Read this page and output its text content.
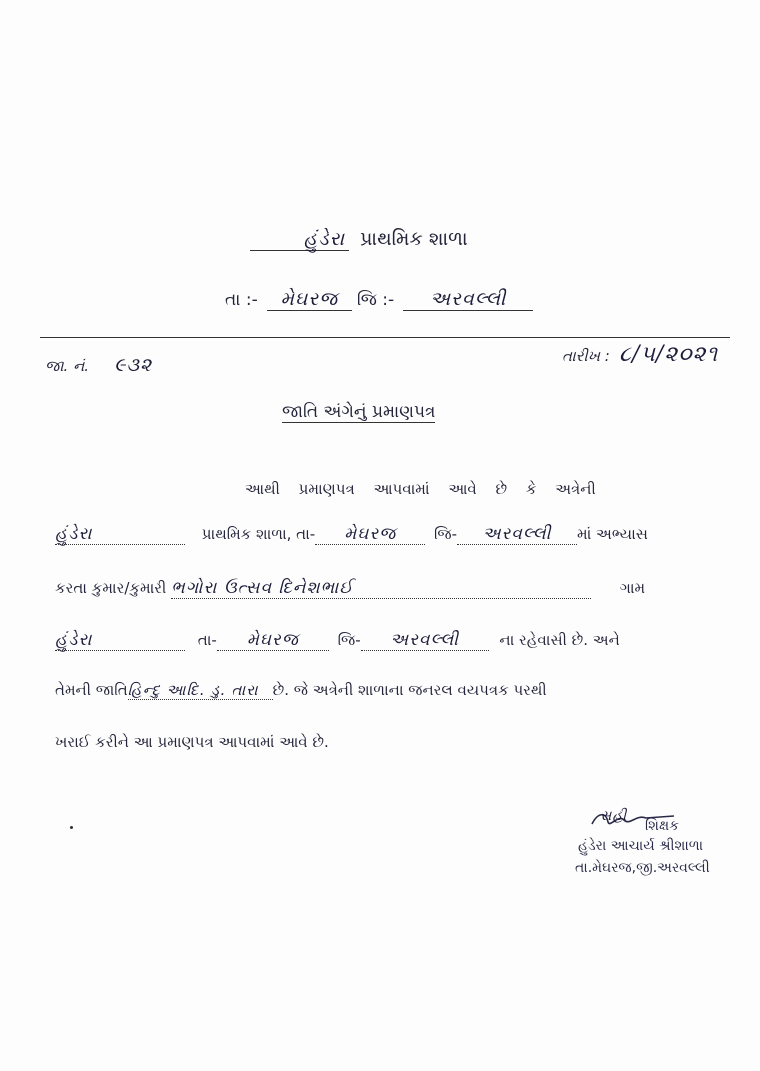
હુંડેરા પ્રાથમિક શાળા
તા :- મેઘરજ જિ :- અરવલ્લી
જા. નં. ૯૩૨	તારીખ : ૮/૫/૨૦૨૧
જાતિ અંગેનું પ્રમાણપત્ર
આથી પ્રમાણપત્ર આપવામાં આવે છે કે અત્રેની
હુંડેરા	પ્રાથમિક શાળા, તા- મેઘરજ	જિ- અરવલ્લી માં અભ્યાસ
કરતા કુમાર/કુમારી ભગોરા ઉત્સવ દિનેશભાઈ	ગામ
હુંડેરા	તા- મેઘરજ	જિ- અરવલ્લી	ના રહેવાસી છે. અને
તેમની જાતિહિન્દુ આદિ. ડુ. તારા છે. જે અત્રેની શાળાના જનરલ વયપત્રક પરથી
ખરાઈ કરીને આ પ્રમાણપત્ર આપવામાં આવે છે.
સહી
શિક્ષક
હુંડેરા આચાર્ય શ્રીશાળા
તા.મેઘરજ,જી.અરવલ્લી
